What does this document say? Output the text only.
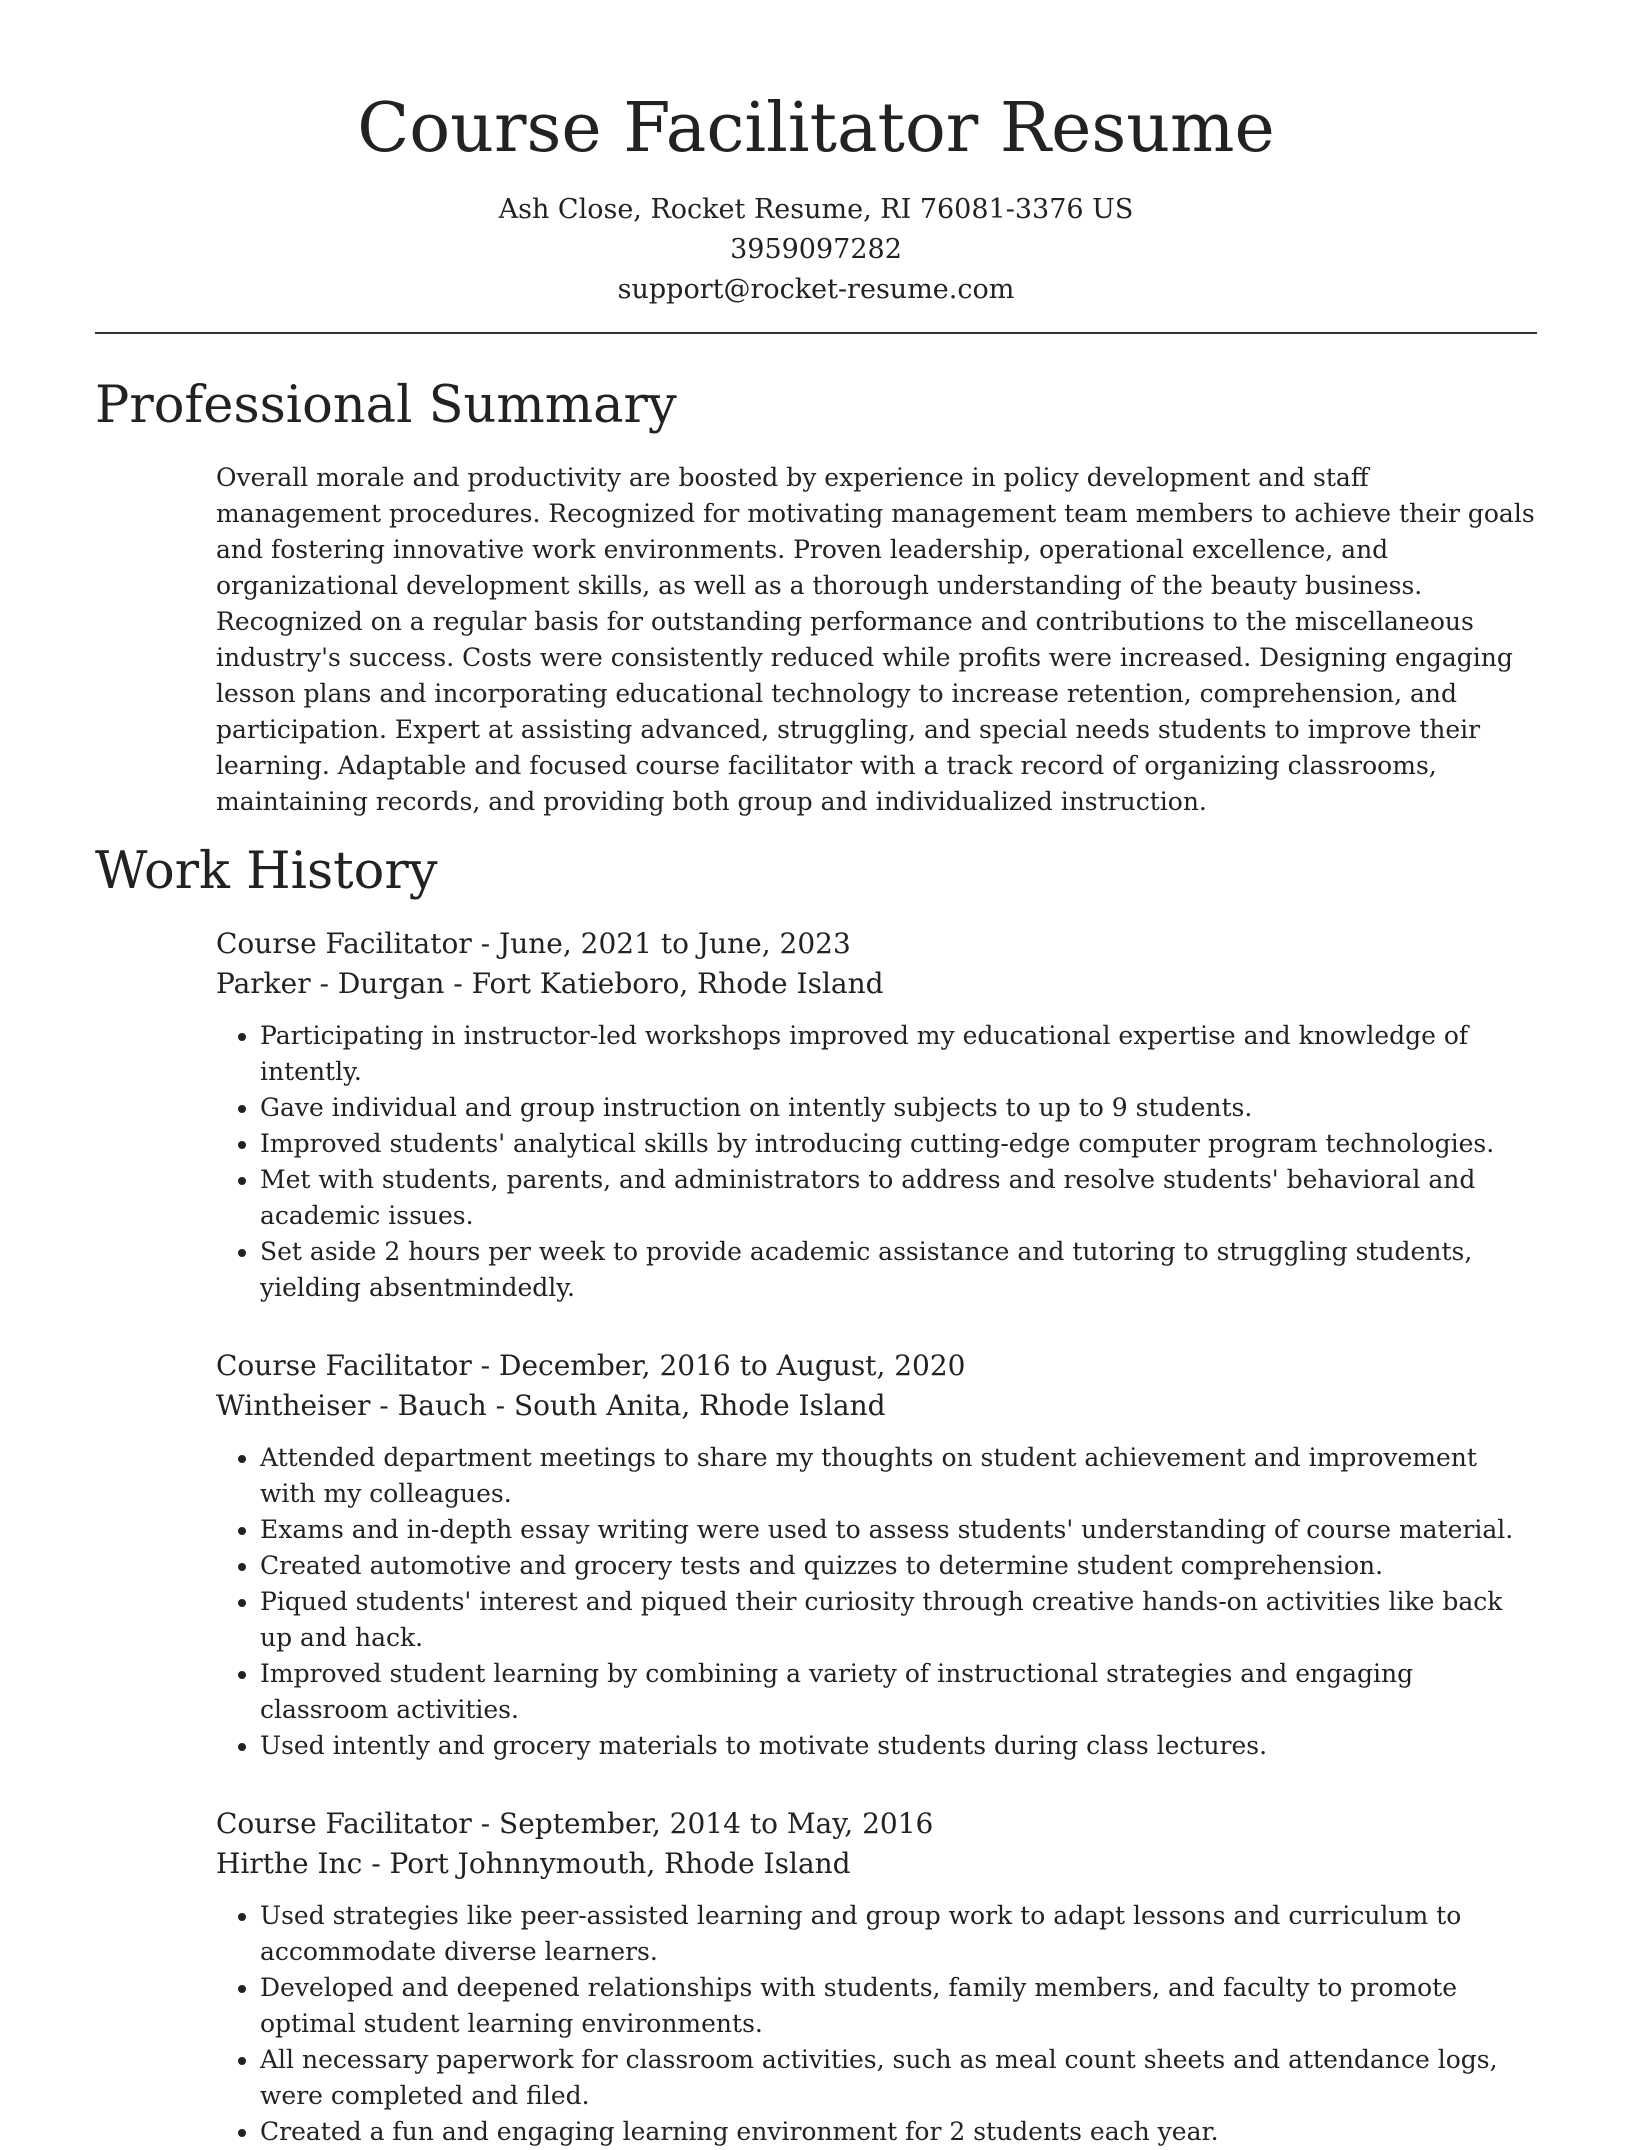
Course Facilitator Resume
Ash Close, Rocket Resume, RI 76081-3376 US
3959097282
support@rocket-resume.com
Professional Summary

Overall morale and productivity are boosted by experience in policy development and staff management procedures. Recognized for motivating management team members to achieve their goals and fostering innovative work environments. Proven leadership, operational excellence, and organizational development skills, as well as a thorough understanding of the beauty business. Recognized on a regular basis for outstanding performance and contributions to the miscellaneous industry's success. Costs were consistently reduced while profits were increased. Designing engaging lesson plans and incorporating educational technology to increase retention, comprehension, and participation. Expert at assisting advanced, struggling, and special needs students to improve their learning. Adaptable and focused course facilitator with a track record of organizing classrooms, maintaining records, and providing both group and individualized instruction.

Work History
Course Facilitator - June, 2021 to June, 2023
Parker - Durgan - Fort Katieboro, Rhode Island
• Participating in instructor-led workshops improved my educational expertise and knowledge of intently.
• Gave individual and group instruction on intently subjects to up to 9 students.
• Improved students' analytical skills by introducing cutting-edge computer program technologies.
• Met with students, parents, and administrators to address and resolve students' behavioral and academic issues.
• Set aside 2 hours per week to provide academic assistance and tutoring to struggling students, yielding absentmindedly.
Course Facilitator - December, 2016 to August, 2020
Wintheiser - Bauch - South Anita, Rhode Island
• Attended department meetings to share my thoughts on student achievement and improvement with my colleagues.
• Exams and in-depth essay writing were used to assess students' understanding of course material.
• Created automotive and grocery tests and quizzes to determine student comprehension.
• Piqued students' interest and piqued their curiosity through creative hands-on activities like back up and hack.
• Improved student learning by combining a variety of instructional strategies and engaging classroom activities.
• Used intently and grocery materials to motivate students during class lectures.
Course Facilitator - September, 2014 to May, 2016
Hirthe Inc - Port Johnnymouth, Rhode Island
• Used strategies like peer-assisted learning and group work to adapt lessons and curriculum to accommodate diverse learners.
• Developed and deepened relationships with students, family members, and faculty to promote optimal student learning environments.
• All necessary paperwork for classroom activities, such as meal count sheets and attendance logs, were completed and filed.
• Created a fun and engaging learning environment for 2 students each year.
